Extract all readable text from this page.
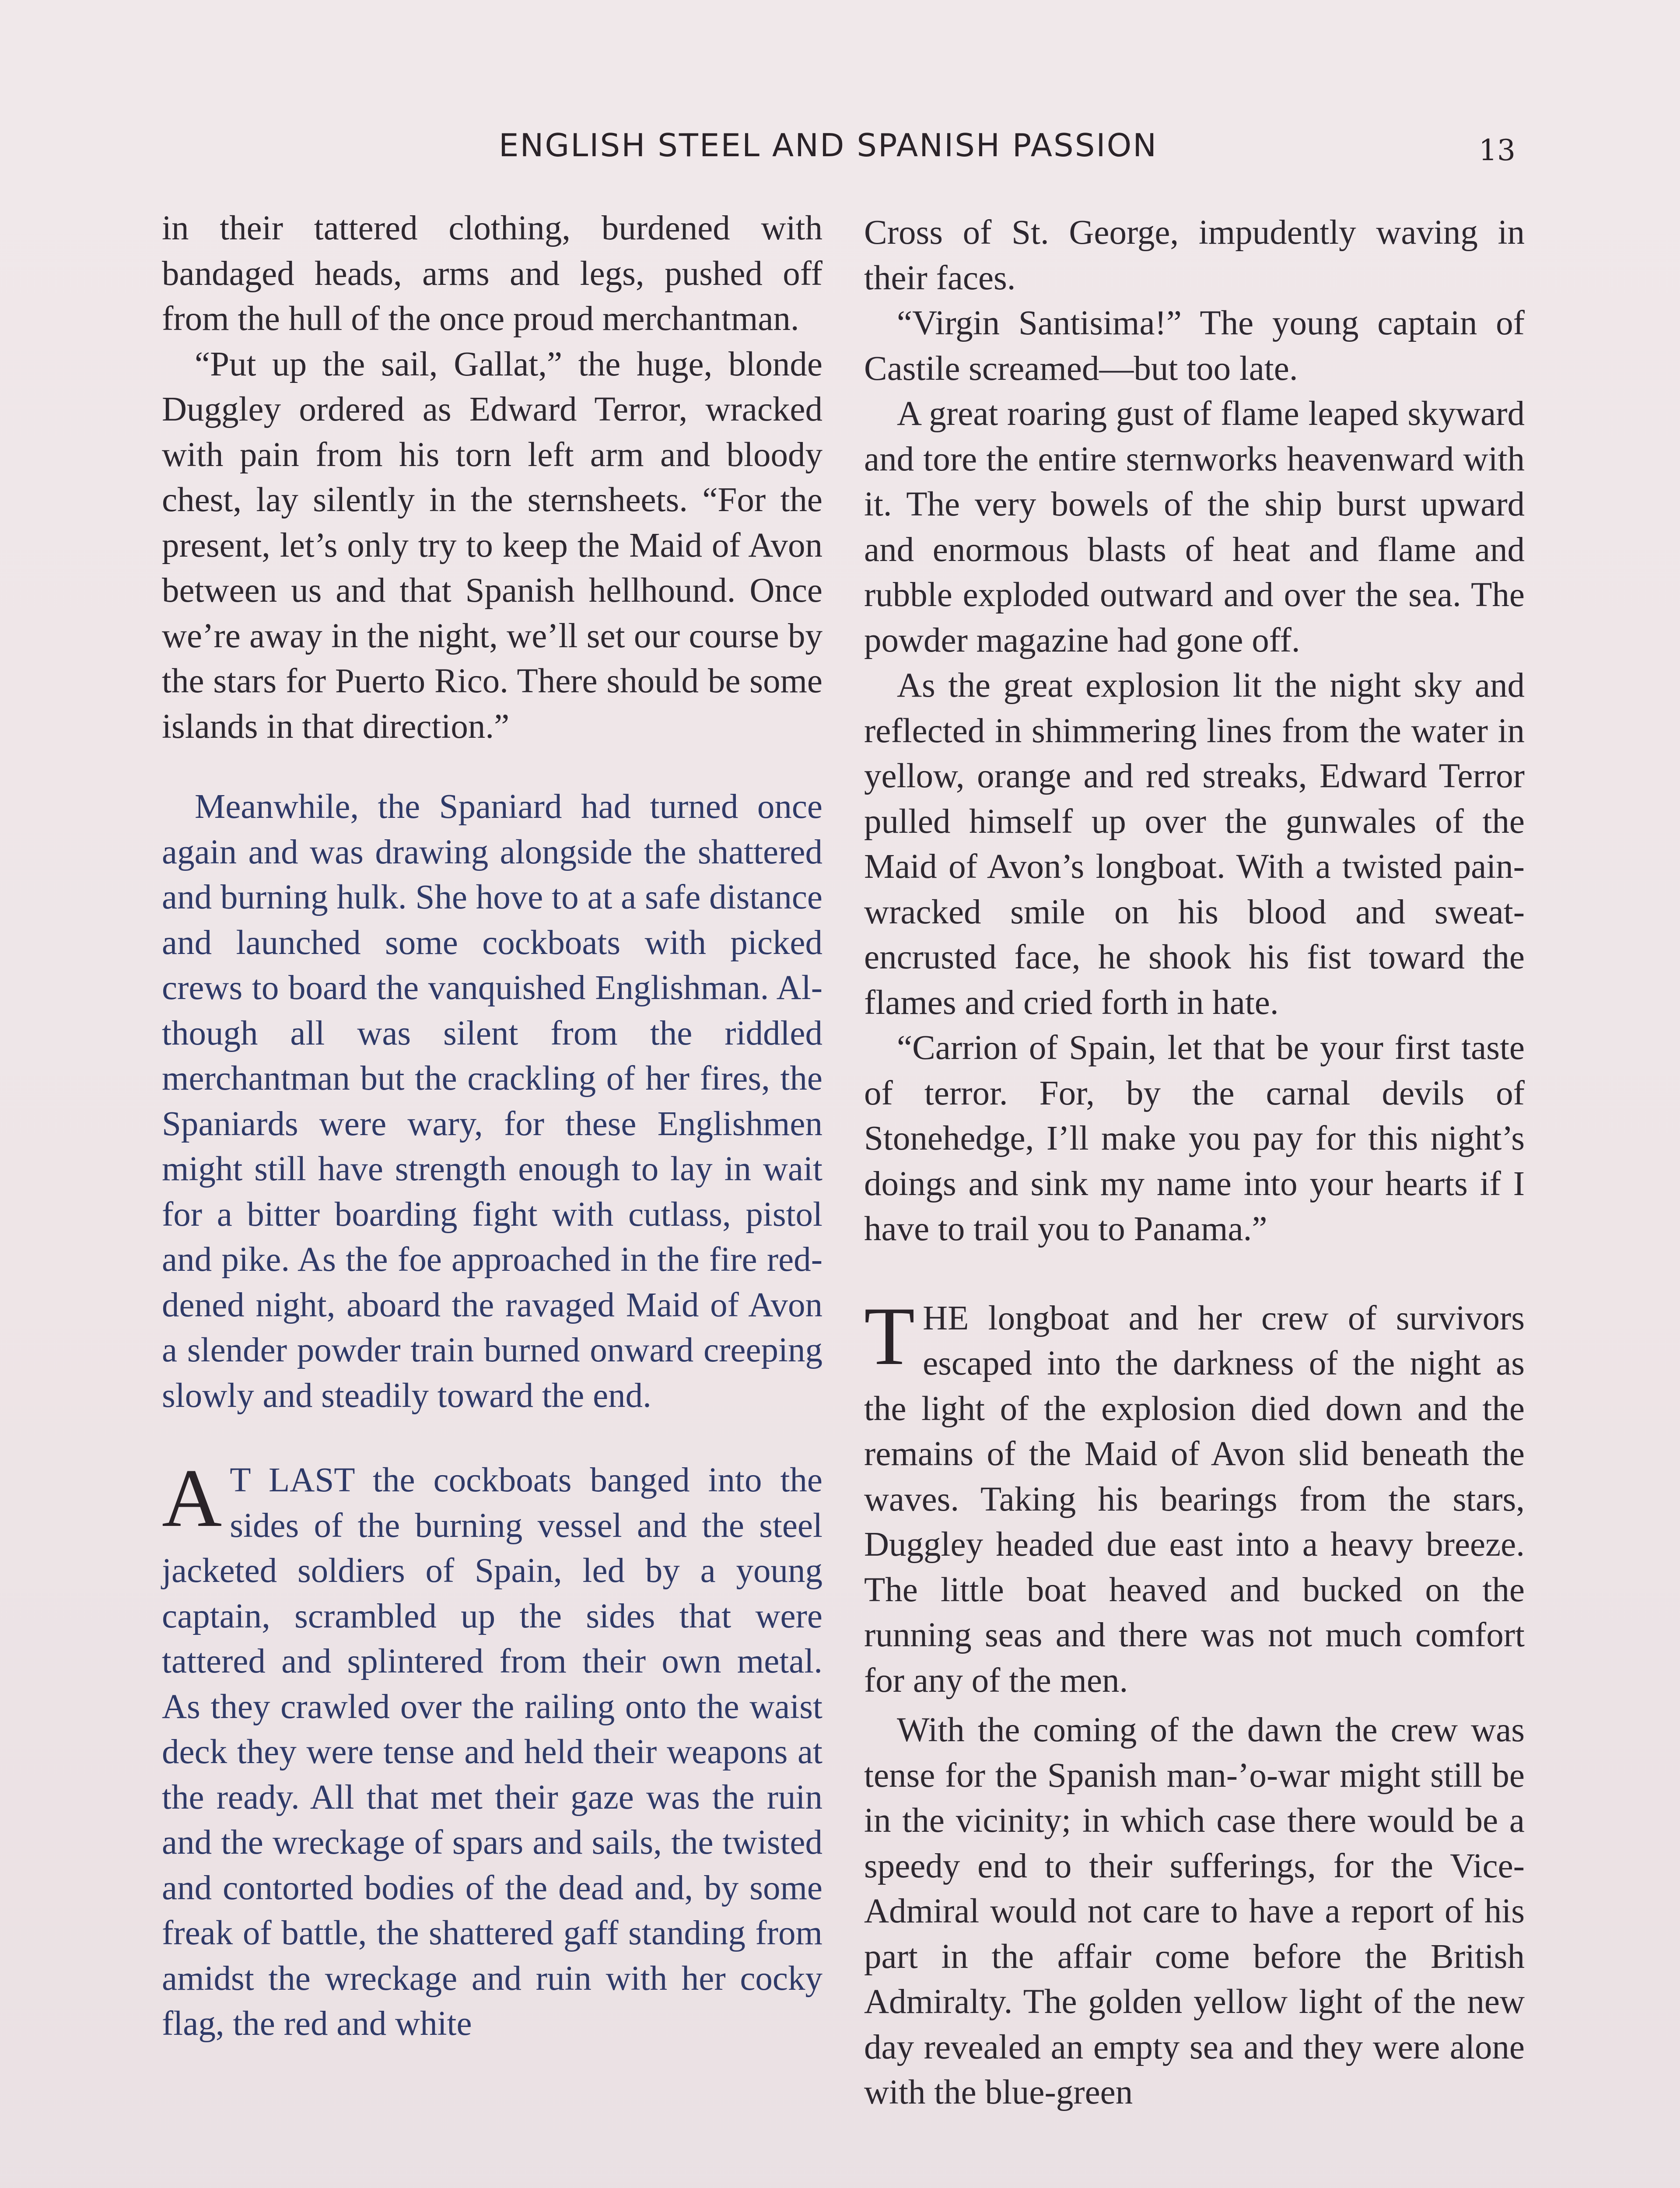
ENGLISH STEEL AND SPANISH PASSION	13

in their tattered clothing, burdened with bandaged heads, arms and legs, pushed off from the hull of the once proud merchantman.

“Put up the sail, Gallat,” the huge, blonde Duggley ordered as Edward Terror, wracked with pain from his torn left arm and bloody chest, lay silently in the sternsheets. “For the present, let’s only try to keep the Maid of Avon between us and that Spanish hellhound. Once we’re away in the night, we’ll set our course by the stars for Puerto Rico. There should be some islands in that direction.”

Meanwhile, the Spaniard had turned once again and was drawing alongside the shattered and burning hulk. She hove to at a safe distance and launched some cockboats with picked crews to board the vanquished Englishman. Although all was silent from the riddled merchantman but the crackling of her fires, the Spaniards were wary, for these Englishmen might still have strength enough to lay in wait for a bitter boarding fight with cutlass, pistol and pike. As the foe approached in the fire reddened night, aboard the ravaged Maid of Avon a slender powder train burned onward creeping slowly and steadily toward the end.

A T LAST the cockboats banged into the sides of the burning vessel and the steel jacketed soldiers of Spain, led by a young captain, scrambled up the sides that were tattered and splintered from their own metal. As they crawled over the railing onto the waist deck they were tense and held their weapons at the ready. All that met their gaze was the ruin and the wreckage of spars and sails, the twisted and contorted bodies of the dead and, by some freak of battle, the shattered gaff standing from amidst the wreckage and ruin with her cocky flag, the red and white

Cross of St. George, impudently waving in their faces.

“Virgin Santisima!” The young captain of Castile screamed—but too late.

A great roaring gust of flame leaped skyward and tore the entire sternworks heavenward with it. The very bowels of the ship burst upward and enormous blasts of heat and flame and rubble exploded outward and over the sea. The powder magazine had gone off.

As the great explosion lit the night sky and reflected in shimmering lines from the water in yellow, orange and red streaks, Edward Terror pulled himself up over the gunwales of the Maid of Avon’s longboat. With a twisted pain-wracked smile on his blood and sweat-encrusted face, he shook his fist toward the flames and cried forth in hate.

“Carrion of Spain, let that be your first taste of terror. For, by the carnal devils of Stonehedge, I’ll make you pay for this night’s doings and sink my name into your hearts if I have to trail you to Panama.”

T HE longboat and her crew of survivors escaped into the darkness of the night as the light of the explosion died down and the remains of the Maid of Avon slid beneath the waves. Taking his bearings from the stars, Duggley headed due east into a heavy breeze. The little boat heaved and bucked on the running seas and there was not much comfort for any of the men.

With the coming of the dawn the crew was tense for the Spanish man-’o-war might still be in the vicinity; in which case there would be a speedy end to their sufferings, for the Vice-Admiral would not care to have a report of his part in the affair come before the British Admiralty. The golden yellow light of the new day revealed an empty sea and they were alone with the blue-green
